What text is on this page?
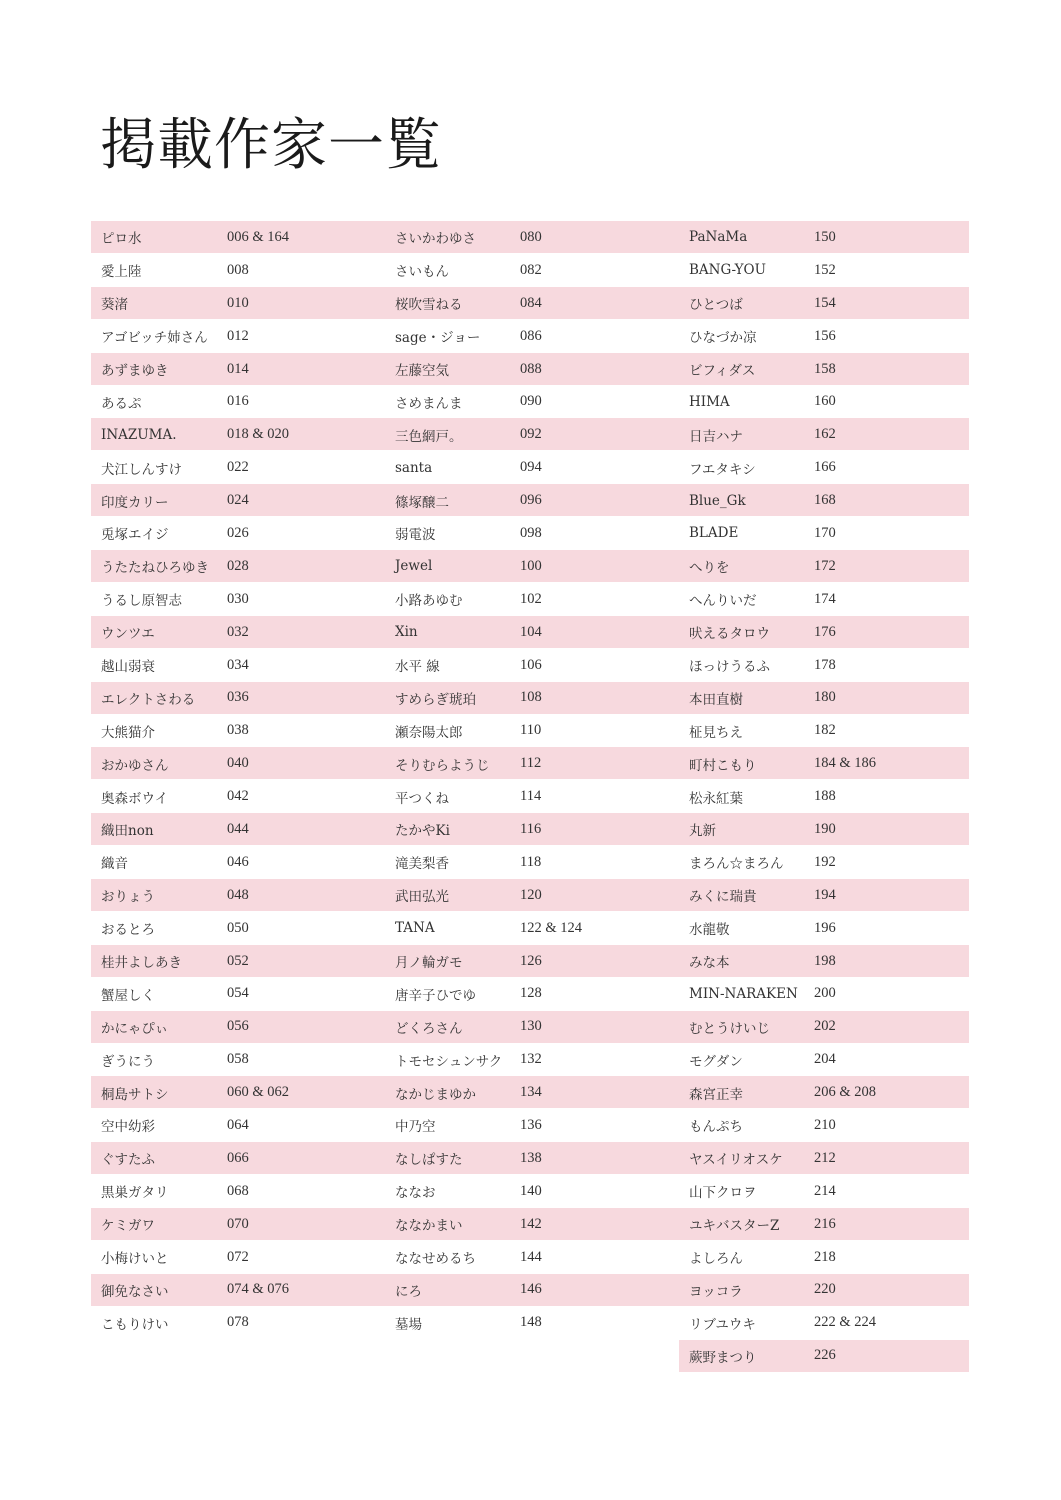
掲載作家一覧
ピロ水	006 & 164
愛上陸	008
葵渚	010
アゴビッチ姉さん 012
あずまゆき	014
あるぷ	016
INAZUMA.	018 & 020
犬江しんすけ	022
印度カリー	024
兎塚エイジ	026
うたたねひろゆき 028
うるし原智志	030
ウンツエ	032
越山弱衰	034
エレクトさわる 036
大熊猫介	038
おかゆさん	040
奥森ボウイ	042
織田non	044
織音	046
おりょう	048
おるとろ	050
桂井よしあき	052
蟹屋しく	054
かにゃぴぃ	056
ぎうにう	058
桐島サトシ	060 & 062
空中幼彩	064
ぐすたふ	066
黒巣ガタリ	068
ケミガワ	070
小梅けいと	072
御免なさい	074 & 076
こもりけい	078
さいかわゆさ	080
さいもん	082
桜吹雪ねる	084
sage・ジョー	086
左藤空気	088
さめまんま	090
三色網戸。	092
santa	094
篠塚醸二	096
弱電波	098
Jewel	100
小路あゆむ	102
Xin	104
水平 線	106
すめらぎ琥珀	108
瀬奈陽太郎	110
そりむらようじ 112
平つくね	114
たかやKi	116
滝美梨香	118
武田弘光	120
TANA	122 & 124
月ノ輪ガモ	126
唐辛子ひでゆ	128
どくろさん	130
トモセシュンサク 132
なかじまゆか	134
中乃空	136
なしぱすた	138
ななお	140
ななかまい	142
ななせめるち	144
にろ	146
墓場	148
PaNaMa	150
BANG-YOU	152
ひとつば	154
ひなづか凉	156
ビフィダス	158
HIMA	160
日吉ハナ	162
フエタキシ	166
Blue_Gk	168
BLADE	170
へりを	172
へんりいだ	174
吠えるタロウ	176
ほっけうるふ	178
本田直樹	180
柾見ちえ	182
町村こもり	184 & 186
松永紅葉	188
丸新	190
まろん☆まろん 192
みくに瑞貴	194
水龍敬	196
みな本	198
MIN-NARAKEN 200
むとうけいじ	202
モグダン	204
森宮正幸	206 & 208
もんぷち	210
ヤスイリオスケ 212
山下クロヲ	214
ユキバスターZ 216
よしろん	218
ヨッコラ	220
リブユウキ	222 & 224
蕨野まつり	226
